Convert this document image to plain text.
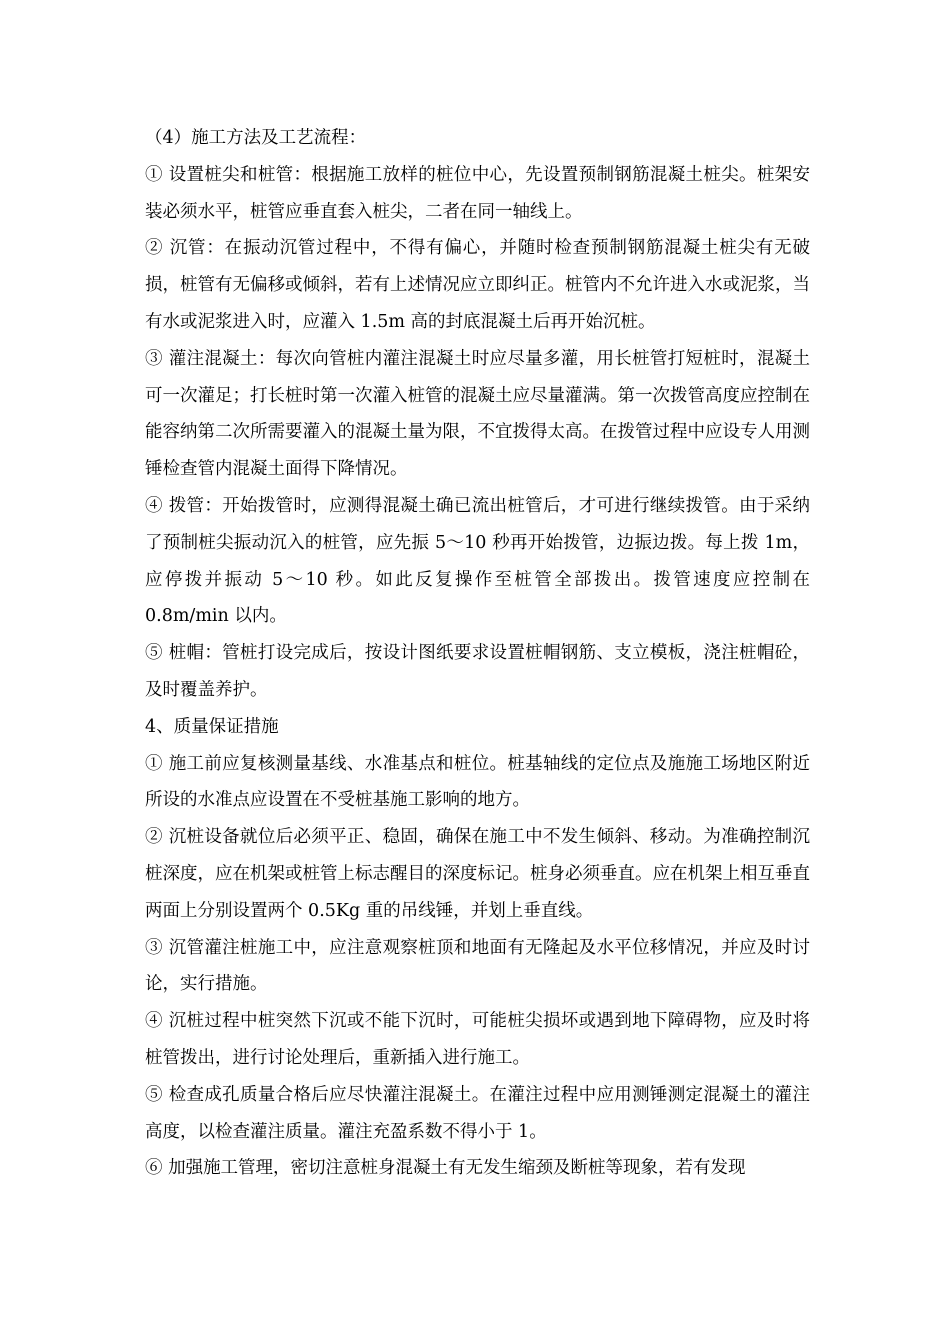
（4）施工方法及工艺流程：

① 设置桩尖和桩管：根据施工放样的桩位中心，先设置预制钢筋混凝土桩尖。桩架安装必须水平，桩管应垂直套入桩尖，二者在同一轴线上。

② 沉管：在振动沉管过程中，不得有偏心，并随时检查预制钢筋混凝土桩尖有无破损，桩管有无偏移或倾斜，若有上述情况应立即纠正。桩管内不允许进入水或泥浆，当有水或泥浆进入时，应灌入 1.5m 高的封底混凝土后再开始沉桩。

③ 灌注混凝土：每次向管桩内灌注混凝土时应尽量多灌，用长桩管打短桩时，混凝土可一次灌足；打长桩时第一次灌入桩管的混凝土应尽量灌满。第一次拨管高度应控制在能容纳第二次所需要灌入的混凝土量为限，不宜拨得太高。在拨管过程中应设专人用测锤检查管内混凝土面得下降情况。

④ 拨管：开始拨管时，应测得混凝土确已流出桩管后，才可进行继续拨管。由于采纳了预制桩尖振动沉入的桩管，应先振 5～10 秒再开始拨管，边振边拨。每上拨 1m，应停拨并振动 5～10 秒。如此反复操作至桩管全部拨出。拨管速度应控制在 0.8m/min 以内。

⑤ 桩帽：管桩打设完成后，按设计图纸要求设置桩帽钢筋、支立模板，浇注桩帽砼，及时覆盖养护。

4、质量保证措施

① 施工前应复核测量基线、水准基点和桩位。桩基轴线的定位点及施施工场地区附近所设的水准点应设置在不受桩基施工影响的地方。

② 沉桩设备就位后必须平正、稳固，确保在施工中不发生倾斜、移动。为准确控制沉桩深度，应在机架或桩管上标志醒目的深度标记。桩身必须垂直。应在机架上相互垂直两面上分别设置两个 0.5Kg 重的吊线锤，并划上垂直线。

③ 沉管灌注桩施工中，应注意观察桩顶和地面有无隆起及水平位移情况，并应及时讨论，实行措施。

④ 沉桩过程中桩突然下沉或不能下沉时，可能桩尖损坏或遇到地下障碍物，应及时将桩管拨出，进行讨论处理后，重新插入进行施工。

⑤ 检查成孔质量合格后应尽快灌注混凝土。在灌注过程中应用测锤测定混凝土的灌注高度，以检查灌注质量。灌注充盈系数不得小于 1。

⑥ 加强施工管理，密切注意桩身混凝土有无发生缩颈及断桩等现象，若有发现
